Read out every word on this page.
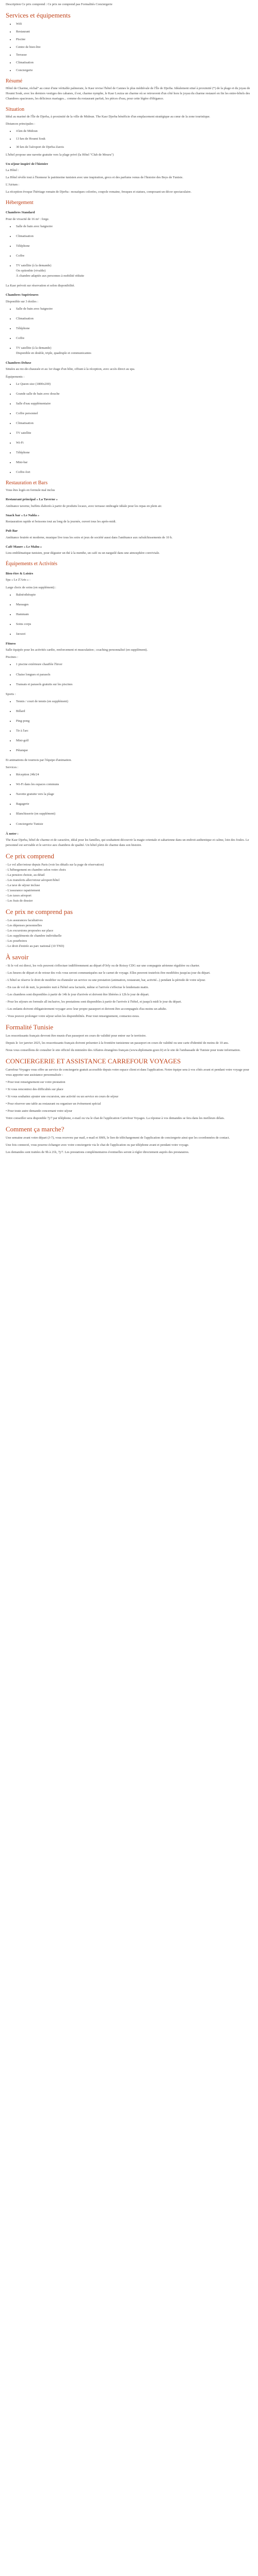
Description Ce prix comprend : Ce prix ne comprend pas Formalités Conciergerie

Services et équipements
• Wifi
• Restaurant
• Piscine
• Centre de bien être
• Terrasse
• Climatisation
• Conciergerie
Résumé

Hôtel de Charme, réchal° au cœur d'une véritable palmeraie, le Kasr revise l'hôtel de Cannes le plus médiévale de l'Île de Djerba. Idéalement situé à proximité (*) de la plage et du joyau de Houmt Souk, avec les derniers vestiges des cabanes, il est, charme nymphe, le Kasr Louiza un charme où se retrouvent d'un côté hors le joyau du charme restauré en fin les entre-hôtels des Chambres spacieuses, les délicieux mariages... comme du restaurant parfait, les pièces d'eau, pour cette légère d'élégance.

Situation

Idéal au mariné de l'Île de Djerba, à proximité de la ville de Midoun. The Kasr Djerba bénéficie d'un emplacement stratégique au cœur de la zone touristique.

Distances principales :

• 4 km de Midoun
• 13 km de Houmt Souk
• 30 km de l'aéroport de Djerba-Zarzis

L'hôtel propose une navette gratuite vers la plage privé (la Hôtel "Club de Mouru")

Un séjour inspiré de l'histoire

La Hôtel :

La Hôtel révèle tout à l'honneur le patrimoine tunisien avec une inspiration, grecs et des parfums venus de l'histoire des Beys de Tunisie.

L'Atrium :

La réception évoque l'héritage romain de Djerba : mosaïques colorées, coupole romaine, fresques et statues, composant un décor spectaculaire.

Hébergement
Chambres Standard

Pour de vivacité de 16 m² : forge.

• Salle de bain avec baignoire
• Climatisation
• Téléphone
• Coffre
• TV satellite (à la demande)
On optionbie (vivable)
À chambre adaptée aux personnes à mobilité réduite

La Kasr prévoit sur réservation et selon disponibilité.

Chambres Supérieures

Disponible sur 3 étoiles :

• Salle de bain avec baignoire
• Climatisation
• Téléphone
• Coffre
• TV satellite (à la demande)
Disponible en double, triple, quadruple et communicantes
Chambres Deluxe

Situées au rez-de-chaussée et au 1er étage d'un hôte, offrant à la réception, avec accès direct au spa.

Équipements :

• Le Queen size (1800x200)
• Grande salle de bain avec douche
• Salle d'eau supplémentaire
• Coffre personnel
• Climatisation
• TV satellite
• Wi-Fi
• Téléphone
• Mini-bar
• Coffre-fort
Restauration et Bars

Vous êtes logés en formule mal inclus

Restaurant principal « La Taverne »

Ambiance taverne, buffets élaborés à partir de produits locaux, avec terrasse ombragée idéale pour les repas en plein air.

Snack bar « Le Nahla »

Restauration rapide et boissons tout au long de la journée, ouvert tous les après-midi.

Pub Bar

Ambiance feutrée et moderne, musique live tous les soirs et jeux de société aussi dans l'ambiance aux rafraîchissements de 10 h.

Café Maure « Le Mahu »

Lieu emblématique tunisien, pour déguster un thé à la menthe, un café ou un narguilé dans une atmosphère conviviale.

Équipements et Activités
Bien-être & Loisirs

Spa « Le Z'Arts » :

Large choix de soins (en supplément) :

• Balnéothérapie
• Massages
• Hammam
• Soins corps
• Jacuzzi
Fitness

Salle équipée pour les activités cardio, renforcement et musculation ; coaching personnalisé (en supplément).

Piscines :

• 1 piscine extérieure chauffée l'hiver
• Chaise longues et parasols
• Transats et parasols gratuits sur les piscines

Sports :

• Tennis / court de tennis (en supplément)
• Billard
• Ping-pong
• Tir à l'arc
• Mini-golf
• Pétanque

Et animations de tournois par l'équipe d'animation.

Services :

• Réception 24h/24
• Wi-Fi dans les espaces communs
• Navette gratuite vers la plage
• Bagagerie
• Blanchisserie (en supplément)
• Conciergerie Tunisie
À noter :

The Kasr Djerba, hôtel de charme et de caractère, idéal pour les familles, qui souhaitent découvrir la magie orientale et saharienne dans un endroit authentique et calme, loin des foules. Le personnel est serviable et le service aux chambres de qualité. Un hôtel plein de charme dans son histoire.

Ce prix comprend
- Le vol aller/retour depuis Paris (voir les détails sur la page de réservation)
- L'hébergement en chambre selon votre choix
- La pension choisie, au détail
- Les transferts aller/retour aéroport/hôtel
- La taxe de séjour incluse
- L'assurance rapatriement
- Les taxes aéroport
- Les frais de dossier
Ce prix ne comprend pas
- Les assurances facultatives
- Les dépenses personnelles
- Les excursions proposées sur place
- Les suppléments de chambre individuelle
- Les pourboires
- Le droit d'entrée au parc national (10 TND)
À savoir

- Si le vol est direct, les vols peuvent s'effectuer indifféremment au départ d'Orly ou de Roissy CDG sur une compagnie aérienne régulière ou charter.

- Les heures de départ et de retour des vols vous seront communiquées sur le carnet de voyage. Elles peuvent toutefois être modifiées jusqu'au jour du départ.

- L'hôtel se réserve le droit de modifier ou d'annuler un service ou une prestation (animation, restaurant, bar, activité...) pendant la période de votre séjour.

- En cas de vol de nuit, la première nuit à l'hôtel sera facturée, même si l'arrivée s'effectue le lendemain matin.

- Les chambres sont disponibles à partir de 14h le jour d'arrivée et doivent être libérées à 12h le jour de départ.

- Pour les séjours en formule all inclusive, les prestations sont disponibles à partir de l'arrivée à l'hôtel, et jusqu'à midi le jour du départ.

- Les enfants doivent obligatoirement voyager avec leur propre passeport et doivent être accompagnés d'au moins un adulte.

- Vous pouvez prolonger votre séjour selon les disponibilités. Pour tout renseignement, contactez-nous.

Formalité Tunisie

Les ressortissants français devront être munis d'un passeport en cours de validité pour entrer sur le territoire.

Depuis le 1er janvier 2025, les ressortissants français doivent présenter à la frontière tunisienne un passeport en cours de validité ou une carte d'identité de moins de 10 ans.

Nous vous conseillons de consulter le site officiel du ministère des Affaires étrangères français (www.diplomatie.gouv.fr) et le site de l'ambassade de Tunisie pour toute information.

CONCIERGERIE ET ASSISTANCE CARREFOUR VOYAGES

Carrefour Voyages vous offre un service de conciergerie gratuit accessible depuis votre espace client et dans l'application. Notre équipe sera à vos côtés avant et pendant votre voyage pour vous apporter une assistance personnalisée :

• Pour tout renseignement sur votre prestation

• Si vous rencontrez des difficultés sur place

• Si vous souhaitez ajouter une excursion, une activité ou un service en cours de séjour

• Pour réserver une table au restaurant ou organiser un événement spécial

• Pour toute autre demande concernant votre séjour

Votre conseiller sera disponible 7j/7 par téléphone, e-mail ou via le chat de l'application Carrefour Voyages. La réponse à vos demandes se fera dans les meilleurs délais.

Comment ça marche?

Une semaine avant votre départ (J-7), vous recevrez par mail, e-mail et SMS, le lien de téléchargement de l'application de conciergerie ainsi que les coordonnées de contact.

Une fois connecté, vous pourrez échanger avec votre conciergerie via le chat de l'application ou par téléphone avant et pendant votre voyage.

Les demandes sont traitées de 9h à 21h, 7j/7. Les prestations complémentaires éventuelles seront à régler directement auprès des prestataires.
